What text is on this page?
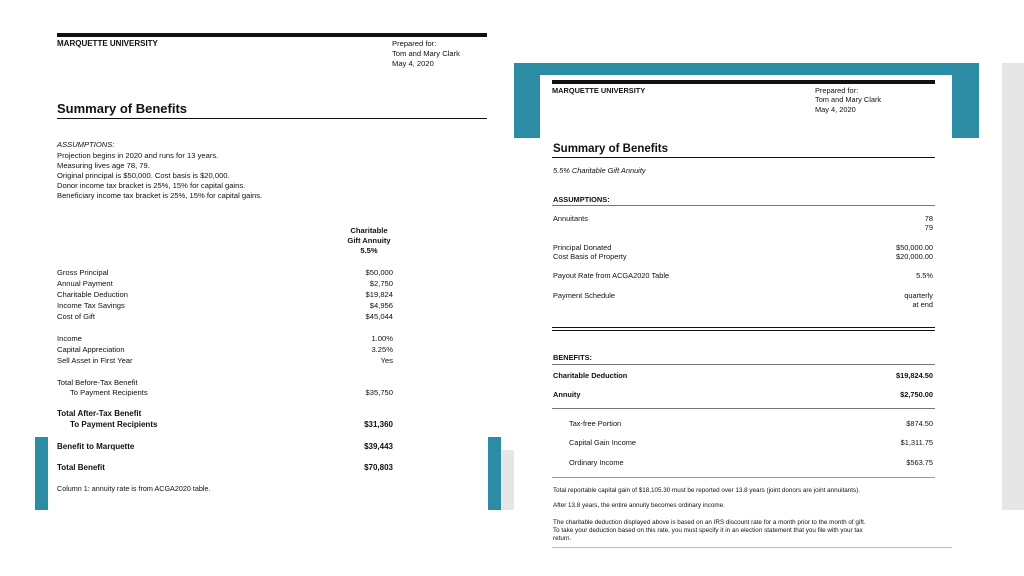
MARQUETTE UNIVERSITY	Prepared for:
Tom and Mary Clark
May 4, 2020
Summary of Benefits
ASSUMPTIONS:
Projection begins in 2020 and runs for 13 years.
Measuring lives age 78, 79.
Original principal is $50,000. Cost basis is $20,000.
Donor income tax bracket is 25%, 15% for capital gains.
Beneficiary income tax bracket is 25%, 15% for capital gains.
Charitable
Gift Annuity
5.5%
Gross Principal	$50,000
Annual Payment	$2,750
Charitable Deduction	$19,824
Income Tax Savings	$4,956
Cost of Gift	$45,044
Income	1.00%
Capital Appreciation	3.25%
Sell Asset in First Year	Yes
Total Before-Tax Benefit
To Payment Recipients	$35,750
Total After-Tax Benefit
To Payment Recipients	$31,360
Benefit to Marquette	$39,443
Total Benefit	$70,803
Column 1: annuity rate is from ACGA2020 table.
MARQUETTE UNIVERSITY	Prepared for:
Tom and Mary Clark
May 4, 2020
Summary of Benefits
5.5% Charitable Gift Annuity
ASSUMPTIONS:
Annuitants	78
79
Principal Donated	$50,000.00
Cost Basis of Property	$20,000.00
Payout Rate from ACGA2020 Table	5.5%
Payment Schedule	quarterly
at end
BENEFITS:
Charitable Deduction	$19,824.50
Annuity	$2,750.00
Tax-free Portion	$874.50
Capital Gain Income	$1,311.75
Ordinary Income	$563.75
Total reportable capital gain of $18,105.30 must be reported over 13.8 years (joint donors are joint annuitants).
After 13.8 years, the entire annuity becomes ordinary income.
The charitable deduction displayed above is based on an IRS discount rate for a month prior to the month of gift.
To take your deduction based on this rate, you must specify it in an election statement that you file with your tax
return.
